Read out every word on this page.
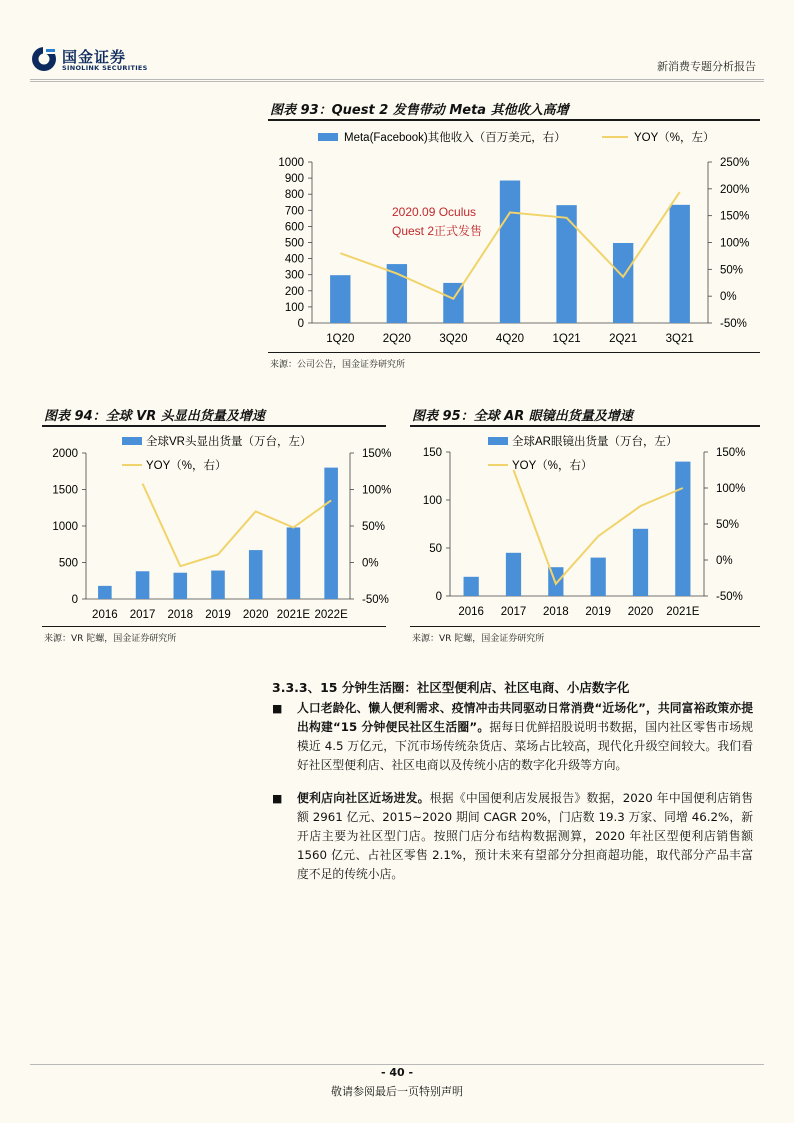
国金证券
SINOLINK SECURITIES	新消费专题分析报告
图表 93：Quest 2 发售带动 Meta 其他收入高增
Meta(Facebook)其他收入（百万美元，右）	YOY（%，左）
1000
900
800
700
600
500
400
300
200
100
0
250%
200%
150%
100%
50%
0%
-50%
1Q20 2Q20 3Q20 4Q20 1Q21 2Q21 3Q21
2020.09 Oculus
Quest 2正式发售
来源：公司公告，国金证券研究所
图表 94：全球 VR 头显出货量及增速
全球VR头显出货量（万台，左）
YOY（%，右）
2000
1500
1000
500
0
150%
100%
50%
0%
-50%
2016 2017 2018 2019 2020 2021E 2022E
来源：VR 陀螺，国金证券研究所
图表 95：全球 AR 眼镜出货量及增速
全球AR眼镜出货量（万台，左）
YOY（%，右）
150
100
50
0
150%
100%
50%
0%
-50%
2016 2017 2018 2019 2020 2021E
来源：VR 陀螺，国金证券研究所
3.3.3、15 分钟生活圈：社区型便利店、社区电商、小店数字化
■ 人口老龄化、懒人便利需求、疫情冲击共同驱动日常消费“近场化”，共同富裕政策亦提出构建“15 分钟便民社区生活圈”。据每日优鲜招股说明书数据，国内社区零售市场规模近 4.5 万亿元，下沉市场传统杂货店、菜场占比较高，现代化升级空间较大。我们看好社区型便利店、社区电商以及传统小店的数字化升级等方向。
■ 便利店向社区近场进发。根据《中国便利店发展报告》数据，2020 年中国便利店销售额 2961 亿元、2015~2020 期间 CAGR 20%，门店数 19.3 万家、同增 46.2%，新开店主要为社区型门店。按照门店分布结构数据测算，2020 年社区型便利店销售额 1560 亿元、占社区零售 2.1%，预计未来有望部分分担商超功能，取代部分产品丰富度不足的传统小店。
- 40 -
敬请参阅最后一页特别声明
